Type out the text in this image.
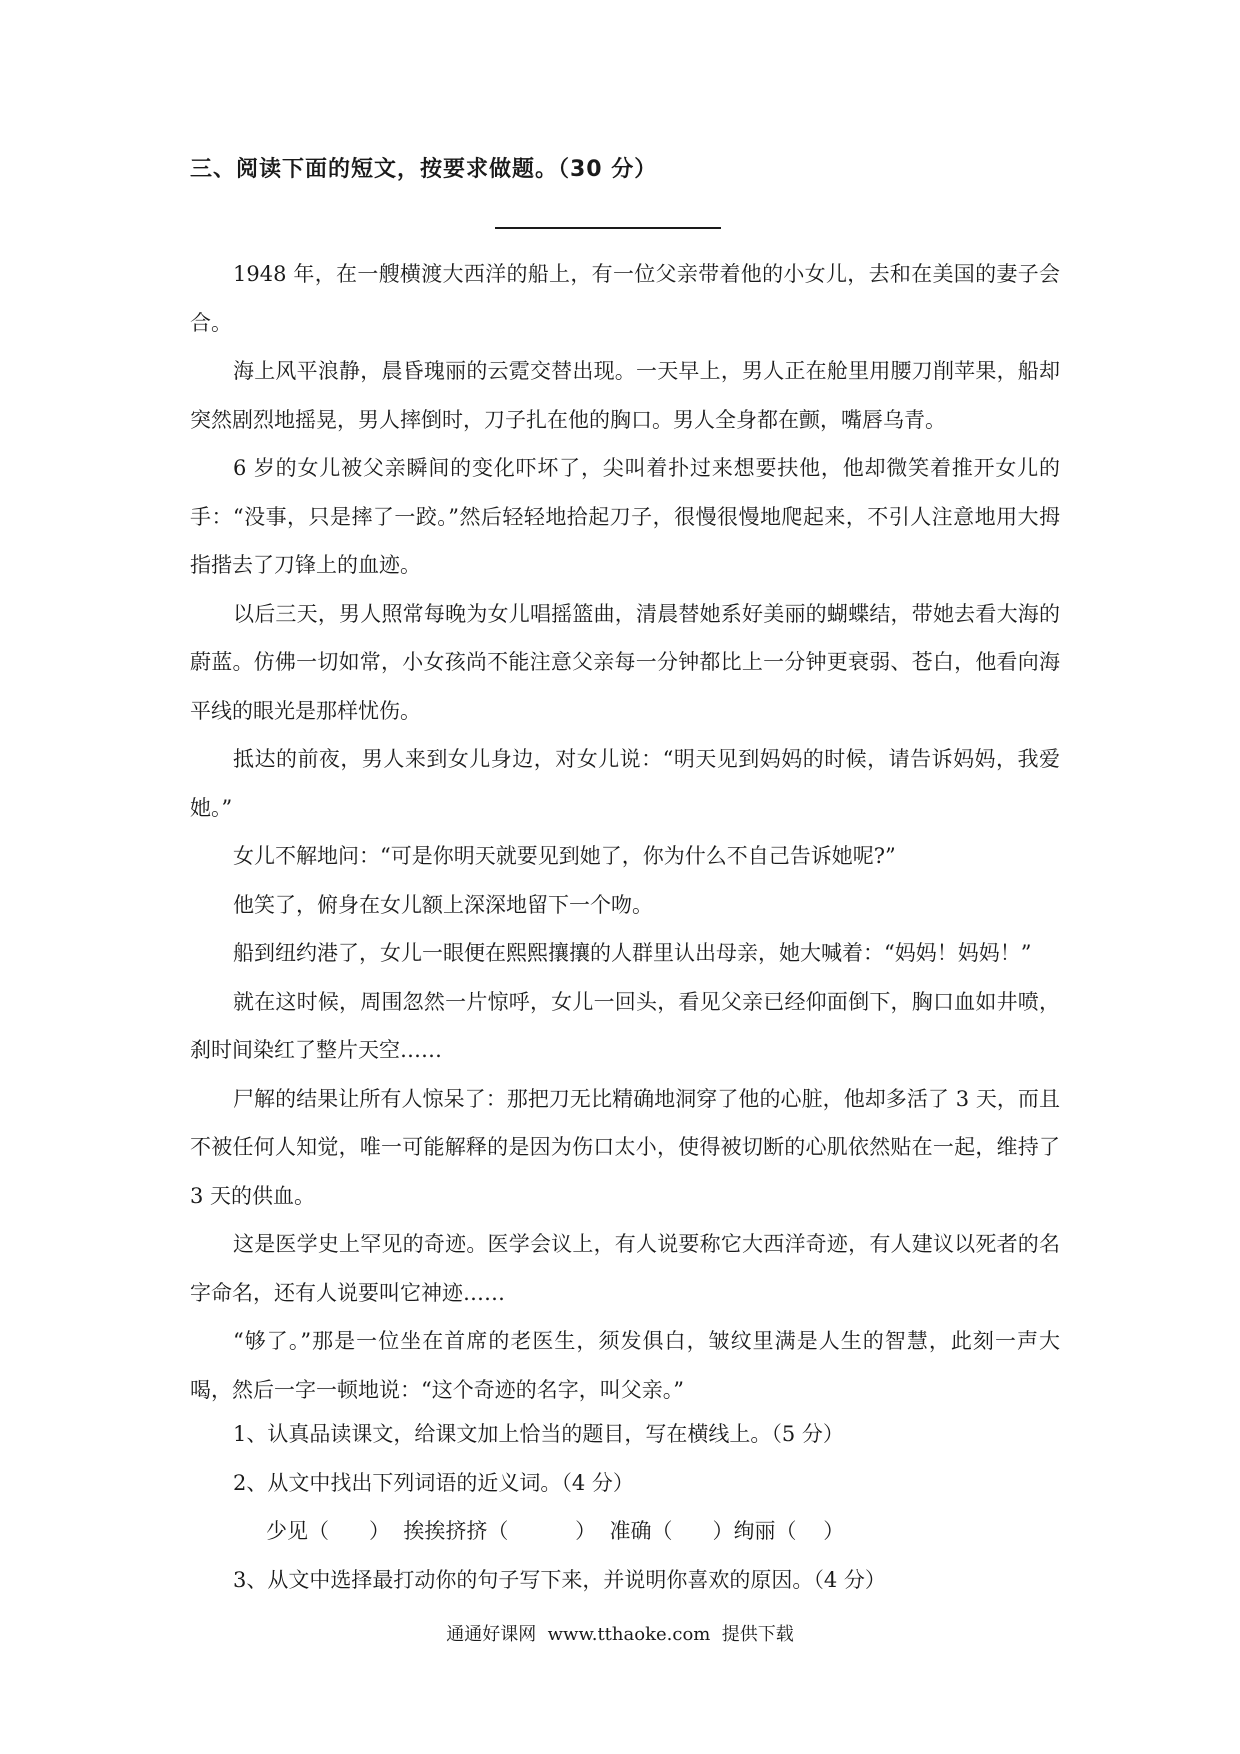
三、阅读下面的短文，按要求做题。（30 分）

1948 年，在一艘横渡大西洋的船上，有一位父亲带着他的小女儿，去和在美国的妻子会合。

海上风平浪静，晨昏瑰丽的云霓交替出现。一天早上，男人正在舱里用腰刀削苹果，船却突然剧烈地摇晃，男人摔倒时，刀子扎在他的胸口。男人全身都在颤，嘴唇乌青。

6 岁的女儿被父亲瞬间的变化吓坏了，尖叫着扑过来想要扶他，他却微笑着推开女儿的手：“没事，只是摔了一跤。”然后轻轻地拾起刀子，很慢很慢地爬起来，不引人注意地用大拇指揩去了刀锋上的血迹。

以后三天，男人照常每晚为女儿唱摇篮曲，清晨替她系好美丽的蝴蝶结，带她去看大海的蔚蓝。仿佛一切如常，小女孩尚不能注意父亲每一分钟都比上一分钟更衰弱、苍白，他看向海平线的眼光是那样忧伤。

抵达的前夜，男人来到女儿身边，对女儿说：“明天见到妈妈的时候，请告诉妈妈，我爱她。”

女儿不解地问：“可是你明天就要见到她了，你为什么不自己告诉她呢?”

他笑了，俯身在女儿额上深深地留下一个吻。

船到纽约港了，女儿一眼便在熙熙攘攘的人群里认出母亲，她大喊着：“妈妈！妈妈！”

就在这时候，周围忽然一片惊呼，女儿一回头，看见父亲已经仰面倒下，胸口血如井喷，刹时间染红了整片天空……

尸解的结果让所有人惊呆了：那把刀无比精确地洞穿了他的心脏，他却多活了 3 天，而且不被任何人知觉，唯一可能解释的是因为伤口太小，使得被切断的心肌依然贴在一起，维持了 3 天的供血。

这是医学史上罕见的奇迹。医学会议上，有人说要称它大西洋奇迹，有人建议以死者的名字命名，还有人说要叫它神迹……

“够了。”那是一位坐在首席的老医生，须发俱白，皱纹里满是人生的智慧，此刻一声大喝，然后一字一顿地说：“这个奇迹的名字，叫父亲。”

1、认真品读课文，给课文加上恰当的题目，写在横线上。（5 分）

2、从文中找出下列词语的近义词。（4 分）

少见（      ）  挨挨挤挤（          ）  准确（      ）绚丽（    ）

3、从文中选择最打动你的句子写下来，并说明你喜欢的原因。（4 分）

通通好课网  www.tthaoke.com  提供下载
